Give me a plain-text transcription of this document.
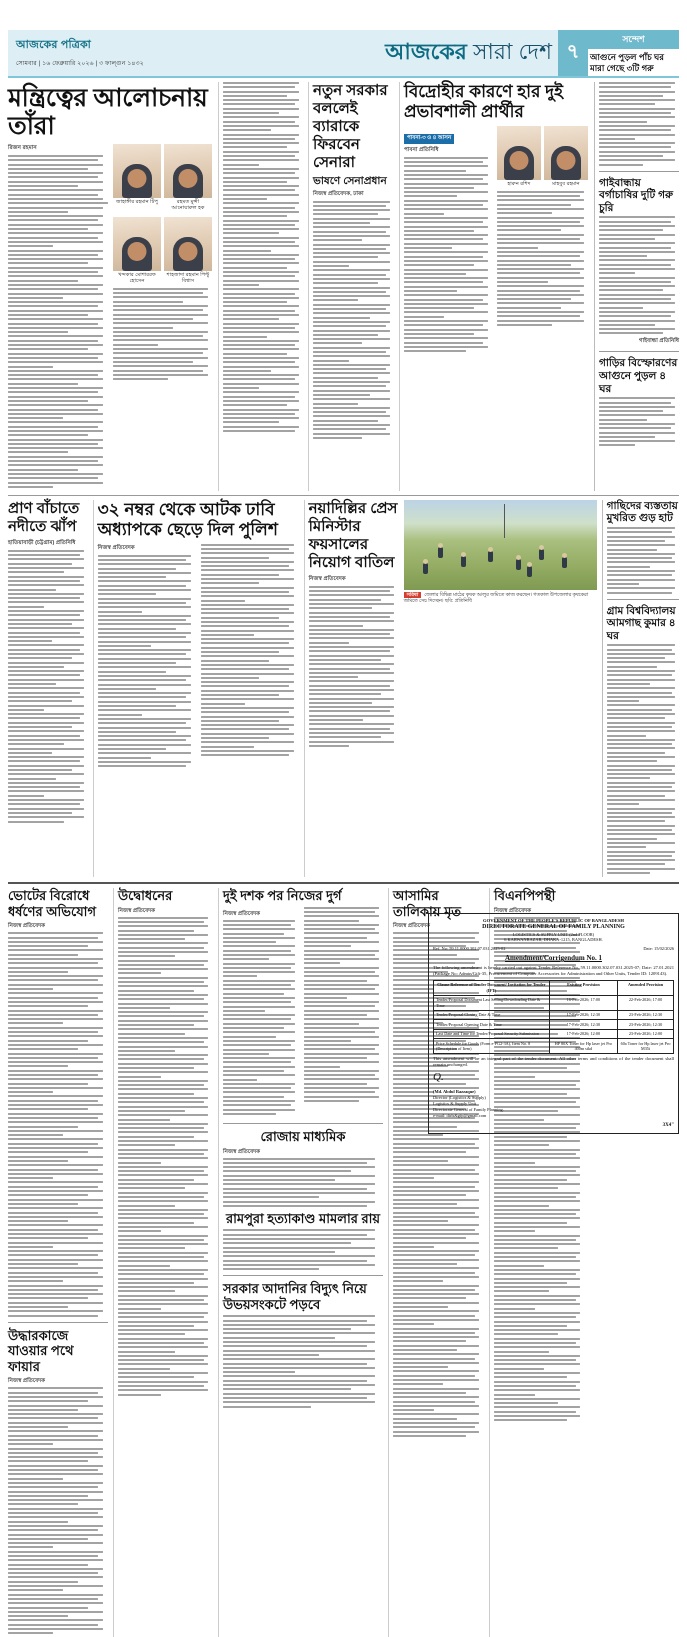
আজকের পত্রিকা
সোমবার | ১৬ ফেব্রুয়ারি ২০২৬ | ৩ ফাল্গুন ১৪৩২	আজকের সারা দেশ ৭
সন্দেশ
আগুনে পুড়ল পাঁচ ঘর মারা গেছে ৩টি গরু
মন্ত্রিত্বের আলোচনায় তাঁরা
রিজন রহমান
জাহাঙ্গীর রহমান টিপু	রহমত মুন্সী আনোয়ারুল হক
খন্দকার মোশাররফ হোসেন
শাহজাদা রহমান পিন্টু বিশ্বাস
নতুন সরকার বললেই ব্যারাকে ফিরবেন সেনারা
ভাষণে সেনাপ্রধান
নিজস্ব প্রতিবেদক, ঢাকা
বিদ্রোহীর কারণে হার দুই প্রভাবশালী প্রার্থীর
পাবনা-৩ ও ৪ আসন
পাবনা প্রতিনিধি
হারুন রশিদ	মাহবুব রহমান	গাইবান্ধায় বর্গাচাষির দুটি গরু চুরি
গাইবান্ধা প্রতিনিধি
গাড়ির বিস্ফোরণের আগুনে পুড়ল ৪ ঘর
প্রাণ বাঁচাতে নদীতে ঝাঁপ
হাতিয়াবাড়ী (চট্টগ্রাম) প্রতিনিধি
৩২ নম্বর থেকে আটক ঢাবি অধ্যাপকে ছেড়ে দিল পুলিশ
নিজস্ব প্রতিবেদক
নয়াদিল্লির প্রেস মিনিস্টার ফয়সালের নিয়োগ বাতিল
নিজস্ব প্রতিবেদক
সরিষা জেলার বিভিন্ন মাঠের কৃষক আলুর জমিতে কাজ করছেন। গতকাল উপজেলার কৃষকেরা জমিতে সেচ দিচ্ছেন। ছবি: প্রতিনিধি
গাছিদের ব্যস্ততায় মুখরিত গুড় হাট
গ্রাম বিশ্ববিদ্যালয় আমগাছ কুমার ৪ ঘর
ভোটের বিরোধে ধর্ষণের অভিযোগ
নিজস্ব প্রতিবেদক
উদ্ধারকাজে যাওয়ার পথে ফায়ার
নিজস্ব প্রতিবেদক
উদ্বোধনের
নিজস্ব প্রতিবেদক
দুই দশক পর নিজের দুর্গ
নিজস্ব প্রতিবেদক
রোজায় মাধ্যমিক
নিজস্ব প্রতিবেদক
রামপুরা হত্যাকাণ্ড মামলার রায়
সরকার আদানির বিদ্যুৎ নিয়ে উভয়সংকটে পড়বে
আসামির তালিকায় মৃত
নিজস্ব প্রতিবেদক
বিএনপিপন্থী
নিজস্ব প্রতিবেদক
GOVERNMENT OF THE PEOPLE'S REPUBLIC OF BANGLADESH
DIRECTORATE GENERAL OF FAMILY PLANNING
LOGISTICS & SUPPLY UNIT (2nd FLOOR)
6 KARWANBAZAR, DHAKA-1215, BANGLADESH.
Ref. No: 59.11.0000.302.07.031.2025-02	Date: 15/02/2026
Amendment/Corrigendum No. 1

The following amendment is hereby carried out against Tender Reference No. 59.11.0000.302.07.031.2025-07; Date: 27.01.2021 (Package No: Admin/Gift-35, Procurement of Computer Accessories for Administration and Other Units, Tender ID: 1209143).

Clause Reference of Tender Document/ Invitation for Tender (IFT)	Existing Provision	Amended Provision
Tender/Proposal Document Last Selling/Downloading Date & Time	16-Feb-2026; 17:00	22-Feb-2026; 17:00
Tender/Proposal Closing Date & Time	17-Feb-2026; 12:30	23-Feb-2026; 12:30
Tender/Proposal Opening Date & Time	17-Feb-2026; 12:30	23-Feb-2026; 12:30
Last Date and Time for Tender/Proposal Security Submission	17-Feb-2026; 12:00	23-Feb-2026; 12:00
Price Schedule for Goods (Form e-PG2-3A), Item No. 8 (Description of Item)	HP 80X Toner for Hp laser jet Pro 400m stkd	60a Toner for Hp laser jet Pro M35i

This amendment will be an integral part of the tender document. All other terms and conditions of the tender document shall remain unchanged.

Q.
(Md. Abdul Razzaque)
Director (Logistics & Supply)
Logistics & Supply Unit
Directorate General of Family Planning.
e-mail: dirls&gfp@gmail.com
3X4"
